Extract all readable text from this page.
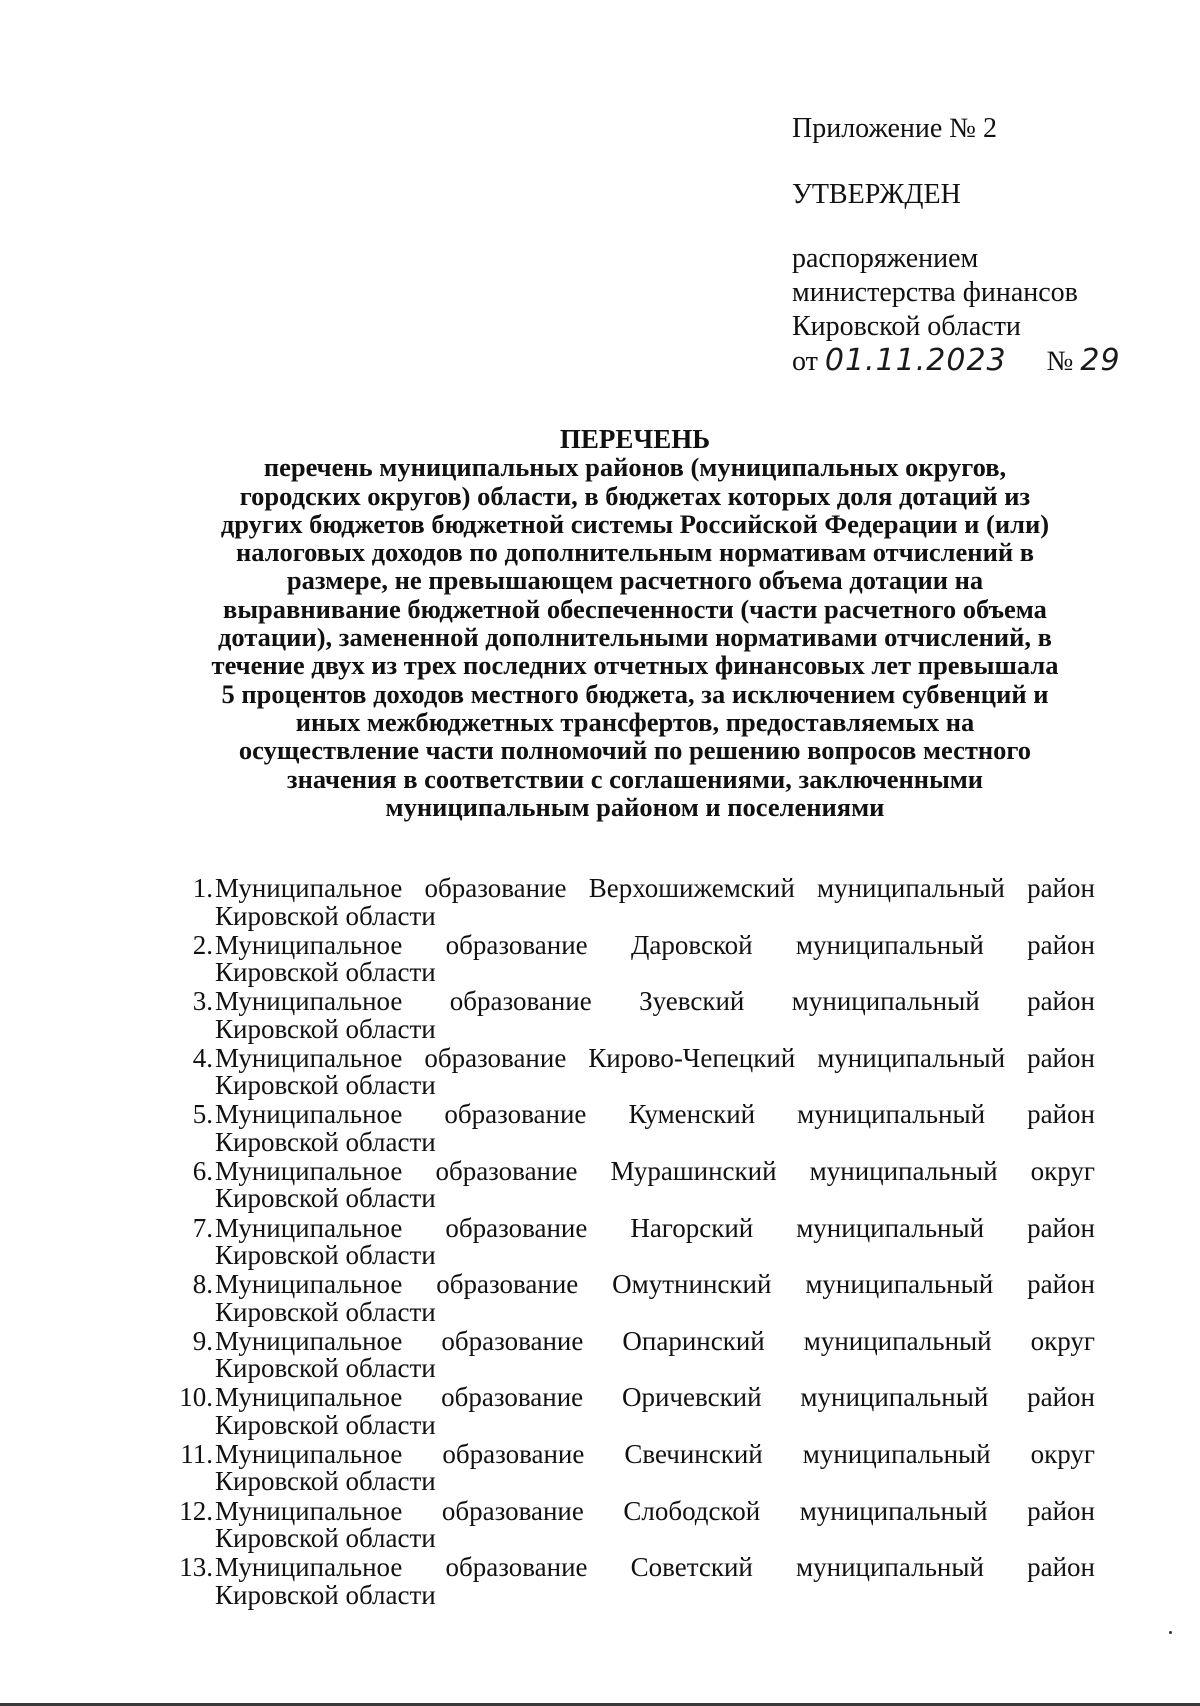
Приложение № 2
УТВЕРЖДЕН
распоряжением
министерства финансов
Кировской области
от 01.11.2023 № 29
ПЕРЕЧЕНЬ
перечень муниципальных районов (муниципальных округов,
городских округов) области, в бюджетах которых доля дотаций из
других бюджетов бюджетной системы Российской Федерации и (или)
налоговых доходов по дополнительным нормативам отчислений в
размере, не превышающем расчетного объема дотации на
выравнивание бюджетной обеспеченности (части расчетного объема
дотации), замененной дополнительными нормативами отчислений, в
течение двух из трех последних отчетных финансовых лет превышала
5 процентов доходов местного бюджета, за исключением субвенций и
иных межбюджетных трансфертов, предоставляемых на
осуществление части полномочий по решению вопросов местного
значения в соответствии с соглашениями, заключенными
муниципальным районом и поселениями
1. Муниципальное образование Верхошижемский муниципальный район
Кировской области
2. Муниципальное образование Даровской муниципальный район
Кировской области
3. Муниципальное образование Зуевский муниципальный район
Кировской области
4. Муниципальное образование Кирово-Чепецкий муниципальный район
Кировской области
5. Муниципальное образование Куменский муниципальный район
Кировской области
6. Муниципальное образование Мурашинский муниципальный округ
Кировской области
7. Муниципальное образование Нагорский муниципальный район
Кировской области
8. Муниципальное образование Омутнинский муниципальный район
Кировской области
9. Муниципальное образование Опаринский муниципальный округ
Кировской области
10. Муниципальное образование Оричевский муниципальный район
Кировской области
11. Муниципальное образование Свечинский муниципальный округ
Кировской области
12. Муниципальное образование Слободской муниципальный район
Кировской области
13. Муниципальное образование Советский муниципальный район
Кировской области
